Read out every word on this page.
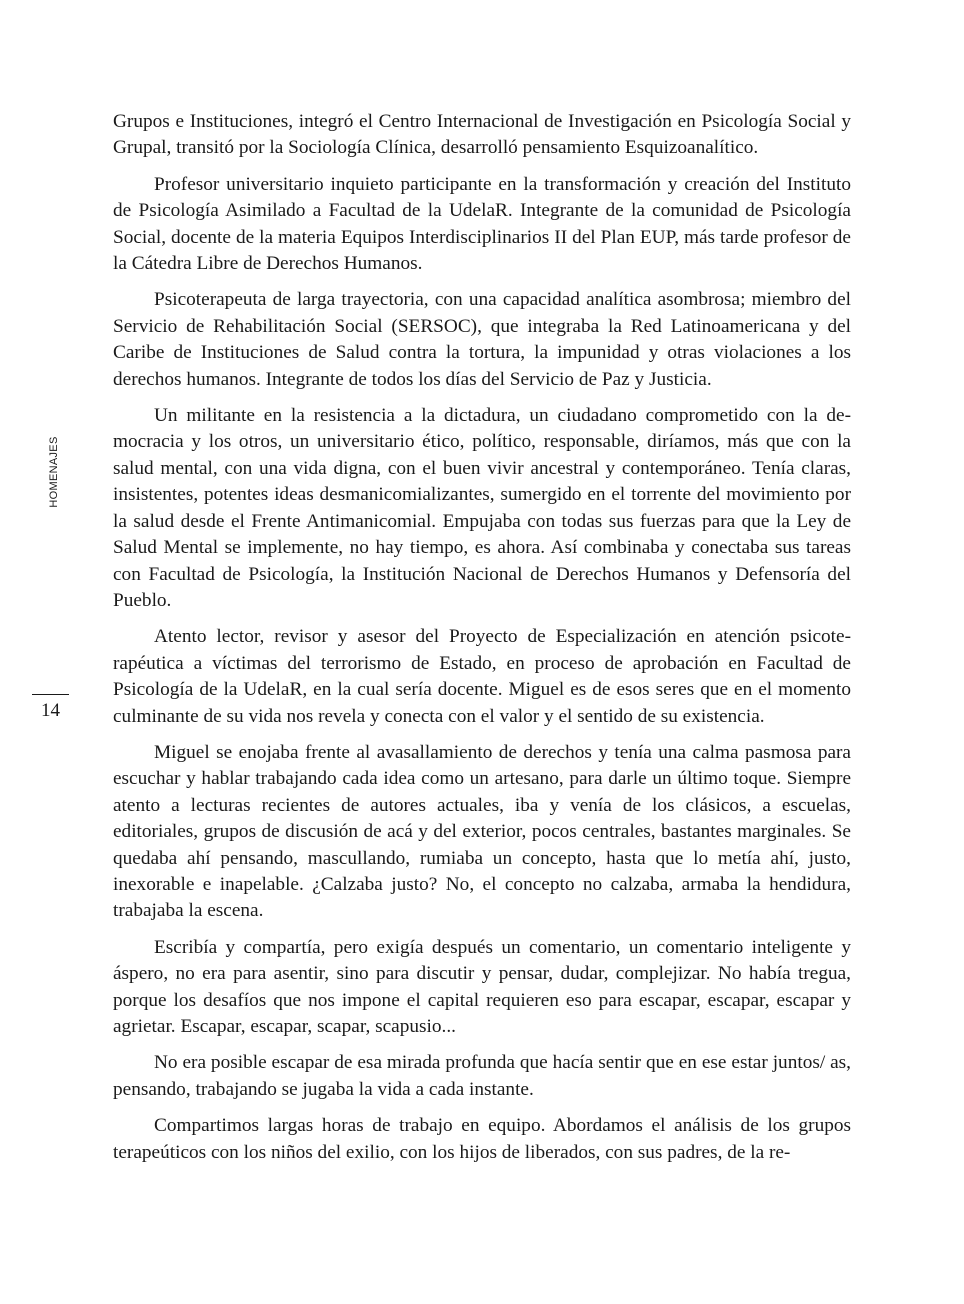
HOMENAJES
14

Grupos e Instituciones, integró el Centro Internacional de Investigación en Psicología Social y Grupal, transitó por la Sociología Clínica, desarrolló pensamiento Esquizoanalítico.

Profesor universitario inquieto participante en la transformación y creación del Instituto de Psicología Asimilado a Facultad de la UdelaR. Integrante de la comunidad de Psicología Social, docente de la materia Equipos Interdisciplinarios II del Plan EUP, más tarde profesor de la Cátedra Libre de Derechos Humanos.

Psicoterapeuta de larga trayectoria, con una capacidad analítica asombrosa; miembro del Servicio de Rehabilitación Social (SERSOC), que integraba la Red Latinoamericana y del Caribe de Instituciones de Salud contra la tortura, la impunidad y otras violaciones a los derechos humanos. Integrante de todos los días del Servicio de Paz y Justicia.

Un militante en la resistencia a la dictadura, un ciudadano comprometido con la democracia y los otros, un universitario ético, político, responsable, diríamos, más que con la salud mental, con una vida digna, con el buen vivir ancestral y contemporáneo. Tenía claras, insistentes, potentes ideas desmanicomializantes, sumergido en el torrente del movimiento por la salud desde el Frente Antimanicomial. Empujaba con todas sus fuerzas para que la Ley de Salud Mental se implemente, no hay tiempo, es ahora. Así combinaba y conectaba sus tareas con Facultad de Psicología, la Institución Nacional de Derechos Humanos y Defensoría del Pueblo.

Atento lector, revisor y asesor del Proyecto de Especialización en atención psicoterapéutica a víctimas del terrorismo de Estado, en proceso de aprobación en Facultad de Psicología de la UdelaR, en la cual sería docente. Miguel es de esos seres que en el momento culminante de su vida nos revela y conecta con el valor y el sentido de su existencia.

Miguel se enojaba frente al avasallamiento de derechos y tenía una calma pasmosa para escuchar y hablar trabajando cada idea como un artesano, para darle un último toque. Siempre atento a lecturas recientes de autores actuales, iba y venía de los clásicos, a escuelas, editoriales, grupos de discusión de acá y del exterior, pocos centrales, bastantes marginales. Se quedaba ahí pensando, mascullando, rumiaba un concepto, hasta que lo metía ahí, justo, inexorable e inapelable. ¿Calzaba justo? No, el concepto no calzaba, armaba la hendidura, trabajaba la escena.

Escribía y compartía, pero exigía después un comentario, un comentario inteligente y áspero, no era para asentir, sino para discutir y pensar, dudar, complejizar. No había tregua, porque los desafíos que nos impone el capital requieren eso para escapar, escapar, escapar y agrietar. Escapar, escapar, scapar, scapusio...

No era posible escapar de esa mirada profunda que hacía sentir que en ese estar juntos/ as, pensando, trabajando se jugaba la vida a cada instante.

Compartimos largas horas de trabajo en equipo. Abordamos el análisis de los grupos terapeúticos con los niños del exilio, con los hijos de liberados, con sus padres, de la re-
